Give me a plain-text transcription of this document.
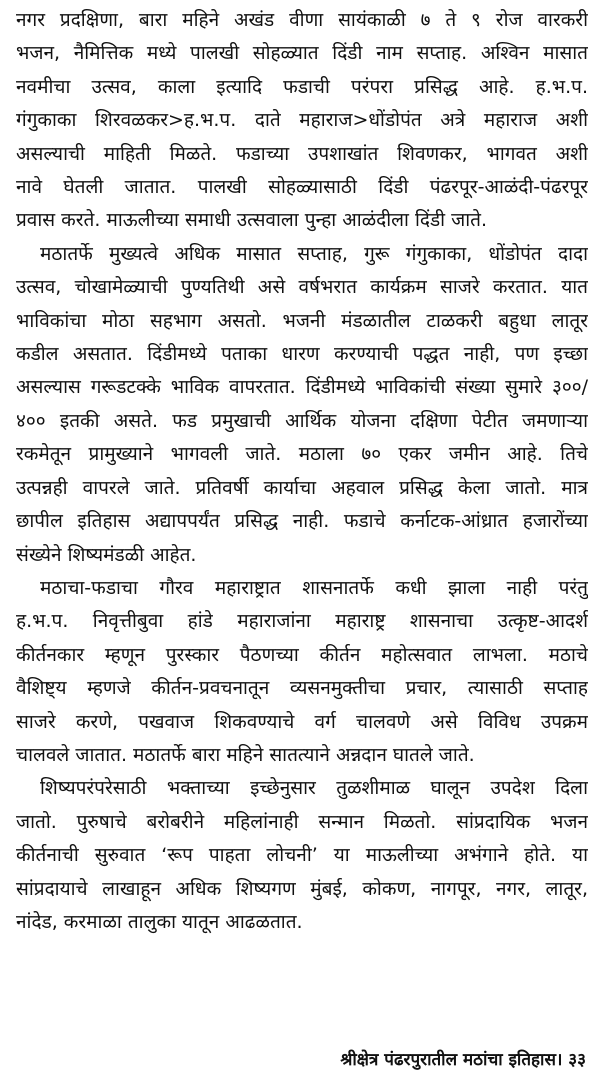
नगर प्रदक्षिणा, बारा महिने अखंड वीणा सायंकाळी ७ ते ९ रोज वारकरी

भजन, नैमित्तिक मध्ये पालखी सोहळ्यात दिंडी नाम सप्ताह. अश्विन मासात

नवमीचा उत्सव, काला इत्यादि फडाची परंपरा प्रसिद्ध आहे. ह.भ.प.

गंगुकाका शिरवळकर>ह.भ.प. दाते महाराज>धोंडोपंत अत्रे महाराज अशी

असल्याची माहिती मिळते. फडाच्या उपशाखांत शिवणकर, भागवत अशी

नावे घेतली जातात. पालखी सोहळ्यासाठी दिंडी पंढरपूर-आळंदी-पंढरपूर

प्रवास करते. माऊलीच्या समाधी उत्सवाला पुन्हा आळंदीला दिंडी जाते.

मठातर्फे मुख्यत्वे अधिक मासात सप्ताह, गुरू गंगुकाका, धोंडोपंत दादा

उत्सव, चोखामेळ्याची पुण्यतिथी असे वर्षभरात कार्यक्रम साजरे करतात. यात

भाविकांचा मोठा सहभाग असतो. भजनी मंडळातील टाळकरी बहुधा लातूर

कडील असतात. दिंडीमध्ये पताका धारण करण्याची पद्धत नाही, पण इच्छा

असल्यास गरूडटक्के भाविक वापरतात. दिंडीमध्ये भाविकांची संख्या सुमारे ३००/

४०० इतकी असते. फड प्रमुखाची आर्थिक योजना दक्षिणा पेटीत जमणाऱ्या

रकमेतून प्रामुख्याने भागवली जाते. मठाला ७० एकर जमीन आहे. तिचे

उत्पन्नही वापरले जाते. प्रतिवर्षी कार्याचा अहवाल प्रसिद्ध केला जातो. मात्र

छापील इतिहास अद्यापपर्यंत प्रसिद्ध नाही. फडाचे कर्नाटक-आंध्रात हजारोंच्या

संख्येने शिष्यमंडळी आहेत.

मठाचा-फडाचा गौरव महाराष्ट्रात शासनातर्फे कधी झाला नाही परंतु

ह.भ.प. निवृत्तीबुवा हांडे महाराजांना महाराष्ट्र शासनाचा उत्कृष्ट-आदर्श

कीर्तनकार म्हणून पुरस्कार पैठणच्या कीर्तन महोत्सवात लाभला. मठाचे

वैशिष्ट्य म्हणजे कीर्तन-प्रवचनातून व्यसनमुक्तीचा प्रचार, त्यासाठी सप्ताह

साजरे करणे, पखवाज शिकवण्याचे वर्ग चालवणे असे विविध उपक्रम

चालवले जातात. मठातर्फे बारा महिने सातत्याने अन्नदान घातले जाते.

शिष्यपरंपरेसाठी भक्ताच्या इच्छेनुसार तुळशीमाळ घालून उपदेश दिला

जातो. पुरुषाचे बरोबरीने महिलांनाही सन्मान मिळतो. सांप्रदायिक भजन

कीर्तनाची सुरुवात ‘रूप पाहता लोचनी’ या माऊलीच्या अभंगाने होते. या

सांप्रदायाचे लाखाहून अधिक शिष्यगण मुंबई, कोकण, नागपूर, नगर, लातूर,

नांदेड, करमाळा तालुका यातून आढळतात.

श्रीक्षेत्र पंढरपुरातील मठांचा इतिहास। ३३
